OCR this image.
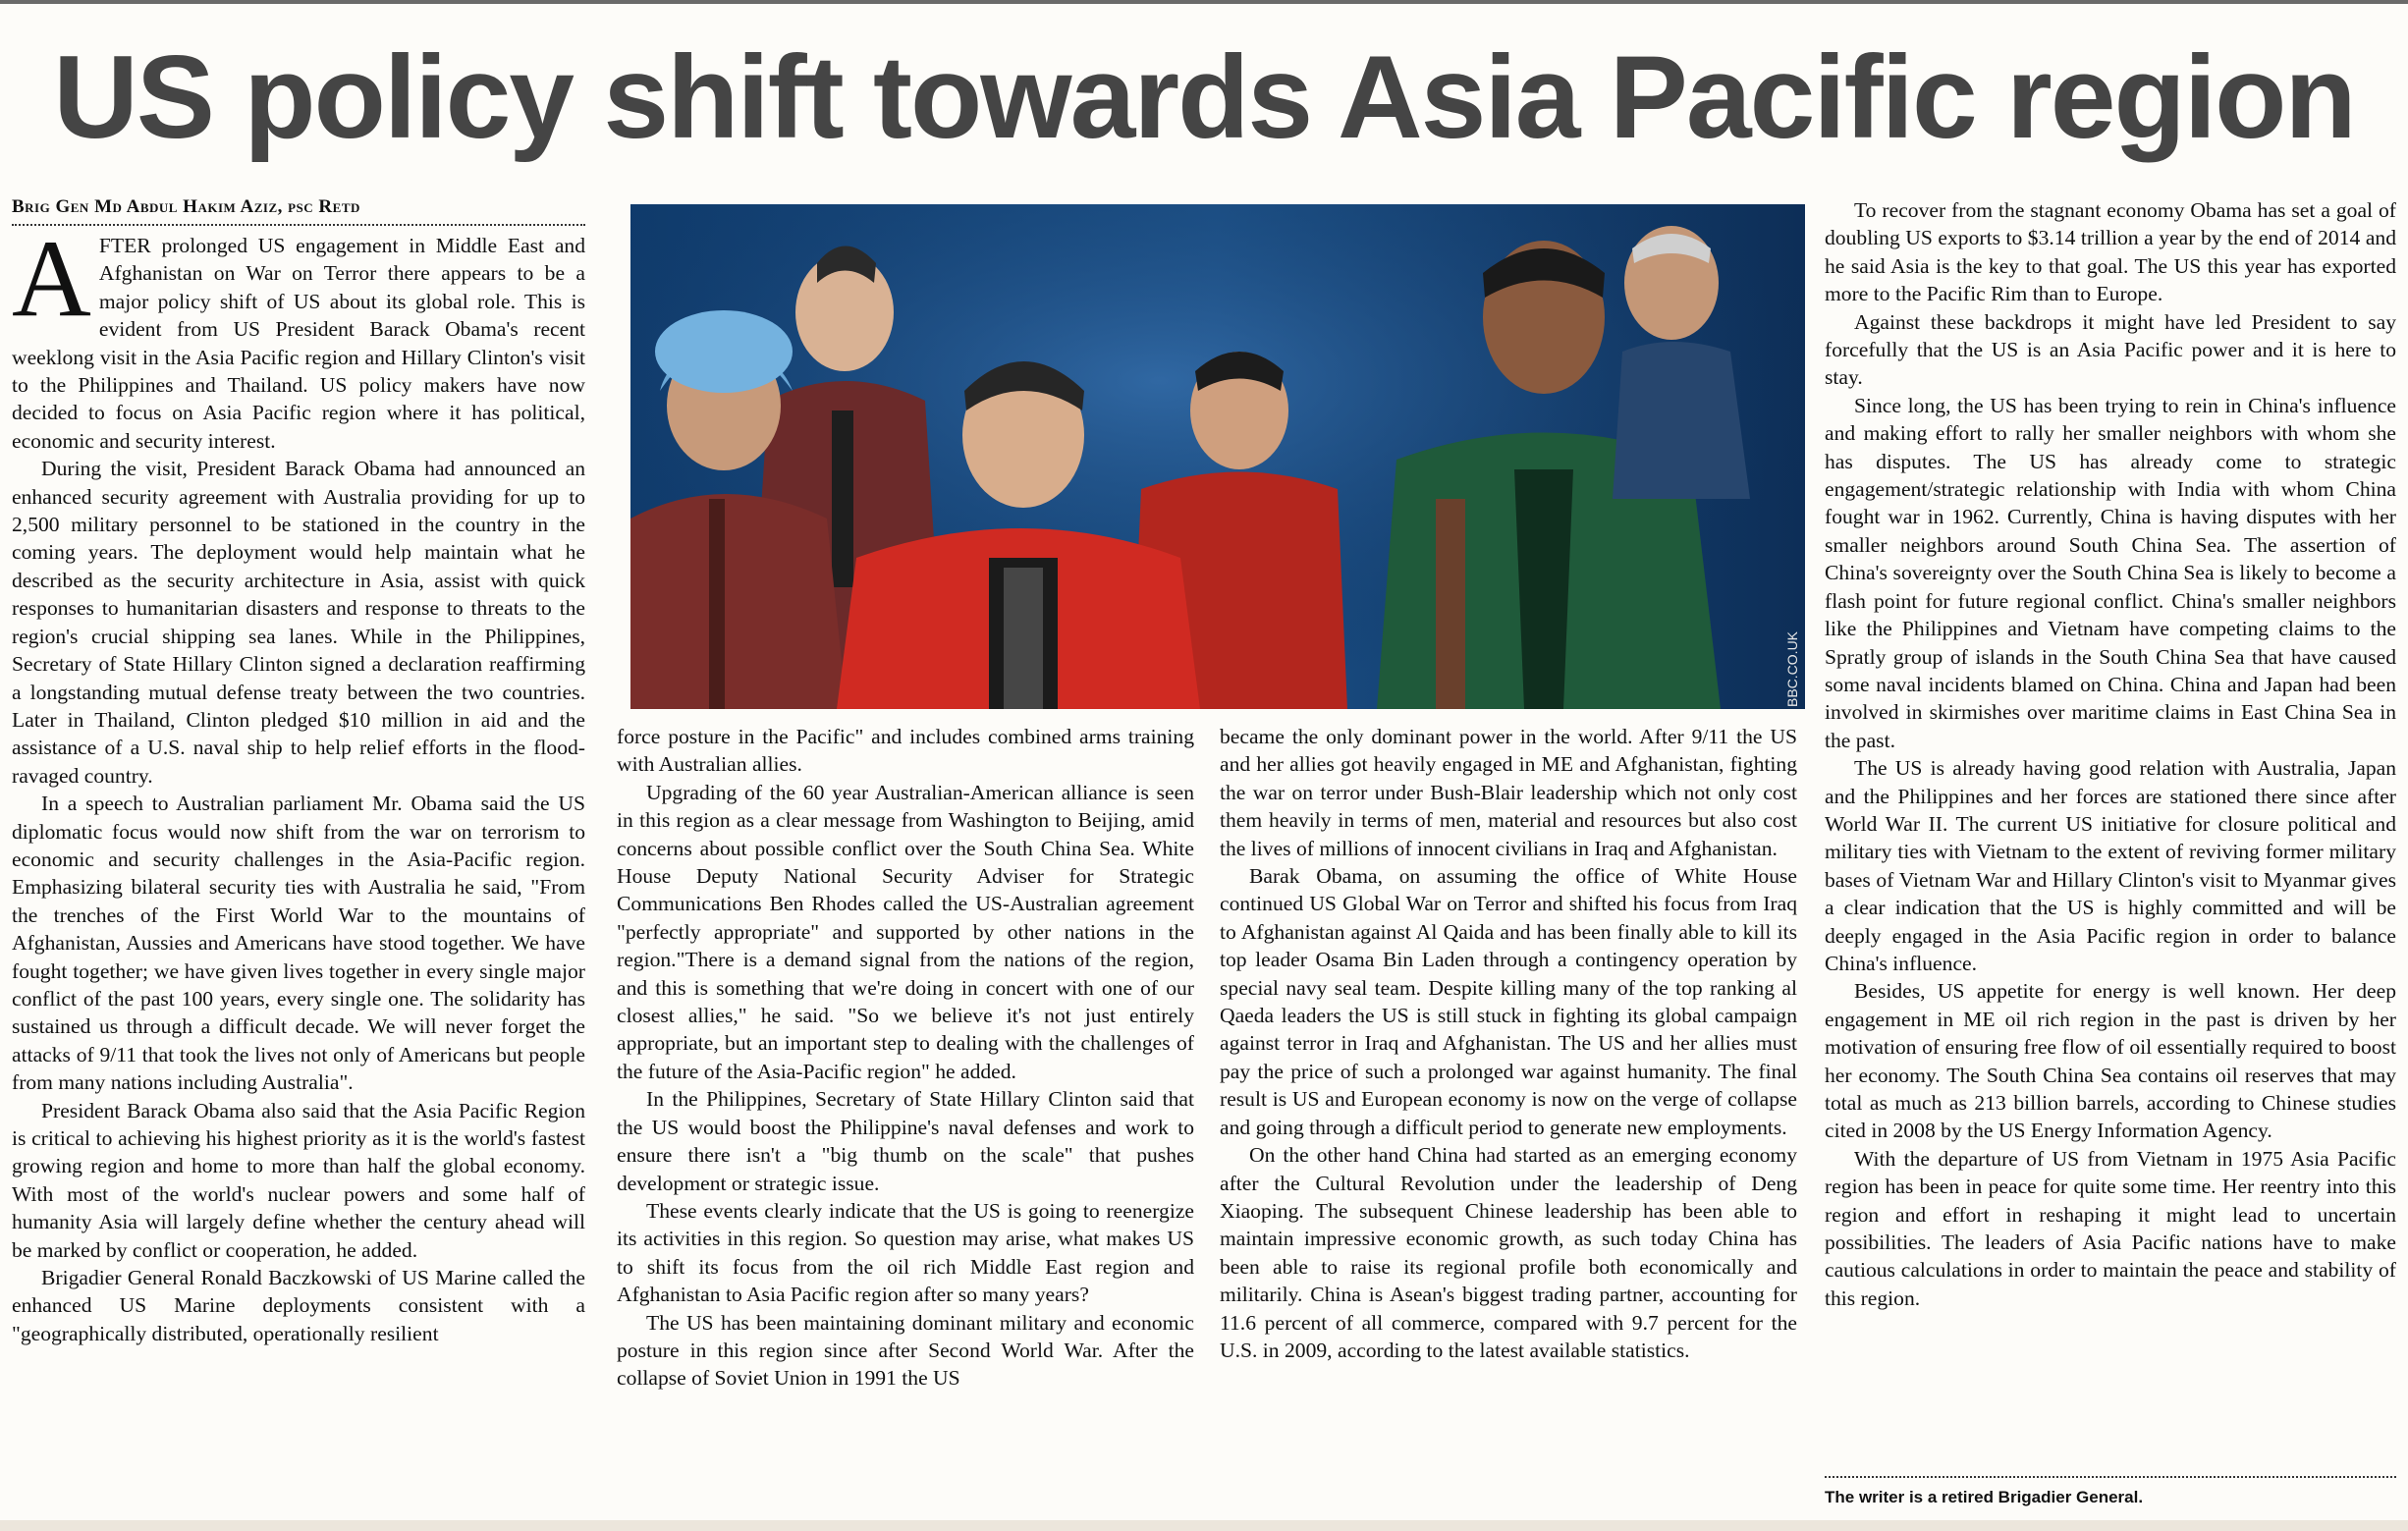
US policy shift towards Asia Pacific region
Brig Gen Md Abdul Hakim Aziz, psc Retd

AFTER prolonged US engagement in Middle East and Afghanistan on War on Terror there appears to be a major policy shift of US about its global role. This is evident from US President Barack Obama's recent weeklong visit in the Asia Pacific region and Hillary Clinton's visit to the Philippines and Thailand. US policy makers have now decided to focus on Asia Pacific region where it has political, economic and security interest.

During the visit, President Barack Obama had announced an enhanced security agreement with Australia providing for up to 2,500 military personnel to be stationed in the country in the coming years. The deployment would help maintain what he described as the security architecture in Asia, assist with quick responses to humanitarian disasters and response to threats to the region's crucial shipping sea lanes. While in the Philippines, Secretary of State Hillary Clinton signed a declaration reaffirming a longstanding mutual defense treaty between the two countries. Later in Thailand, Clinton pledged $10 million in aid and the assistance of a U.S. naval ship to help relief efforts in the flood-ravaged country.

In a speech to Australian parliament Mr. Obama said the US diplomatic focus would now shift from the war on terrorism to economic and security challenges in the Asia-Pacific region. Emphasizing bilateral security ties with Australia he said, "From the trenches of the First World War to the mountains of Afghanistan, Aussies and Americans have stood together. We have fought together; we have given lives together in every single major conflict of the past 100 years, every single one. The solidarity has sustained us through a difficult decade. We will never forget the attacks of 9/11 that took the lives not only of Americans but people from many nations including Australia".

President Barack Obama also said that the Asia Pacific Region is critical to achieving his highest priority as it is the world's fastest growing region and home to more than half the global economy. With most of the world's nuclear powers and some half of humanity Asia will largely define whether the century ahead will be marked by conflict or cooperation, he added.

Brigadier General Ronald Baczkowski of US Marine called the enhanced US Marine deployments consistent with a "geographically distributed, operationally resilient

BBC.CO.UK

force posture in the Pacific" and includes combined arms training with Australian allies.

Upgrading of the 60 year Australian-American alliance is seen in this region as a clear message from Washington to Beijing, amid concerns about possible conflict over the South China Sea. White House Deputy National Security Adviser for Strategic Communications Ben Rhodes called the US-Australian agreement "perfectly appropriate" and supported by other nations in the region."There is a demand signal from the nations of the region, and this is something that we're doing in concert with one of our closest allies," he said. "So we believe it's not just entirely appropriate, but an important step to dealing with the challenges of the future of the Asia-Pacific region" he added.

In the Philippines, Secretary of State Hillary Clinton said that the US would boost the Philippine's naval defenses and work to ensure there isn't a "big thumb on the scale" that pushes development or strategic issue.

These events clearly indicate that the US is going to reenergize its activities in this region. So question may arise, what makes US to shift its focus from the oil rich Middle East region and Afghanistan to Asia Pacific region after so many years?

The US has been maintaining dominant military and economic posture in this region since after Second World War. After the collapse of Soviet Union in 1991 the US

became the only dominant power in the world. After 9/11 the US and her allies got heavily engaged in ME and Afghanistan, fighting the war on terror under Bush-Blair leadership which not only cost them heavily in terms of men, material and resources but also cost the lives of millions of innocent civilians in Iraq and Afghanistan.

Barak Obama, on assuming the office of White House continued US Global War on Terror and shifted his focus from Iraq to Afghanistan against Al Qaida and has been finally able to kill its top leader Osama Bin Laden through a contingency operation by special navy seal team. Despite killing many of the top ranking al Qaeda leaders the US is still stuck in fighting its global campaign against terror in Iraq and Afghanistan. The US and her allies must pay the price of such a prolonged war against humanity. The final result is US and European economy is now on the verge of collapse and going through a difficult period to generate new employments.

On the other hand China had started as an emerging economy after the Cultural Revolution under the leadership of Deng Xiaoping. The subsequent Chinese leadership has been able to maintain impressive economic growth, as such today China has been able to raise its regional profile both economically and militarily. China is Asean's biggest trading partner, accounting for 11.6 percent of all commerce, compared with 9.7 percent for the U.S. in 2009, according to the latest available statistics.

To recover from the stagnant economy Obama has set a goal of doubling US exports to $3.14 trillion a year by the end of 2014 and he said Asia is the key to that goal. The US this year has exported more to the Pacific Rim than to Europe.

Against these backdrops it might have led President to say forcefully that the US is an Asia Pacific power and it is here to stay.

Since long, the US has been trying to rein in China's influence and making effort to rally her smaller neighbors with whom she has disputes. The US has already come to strategic engagement/strategic relationship with India with whom China fought war in 1962. Currently, China is having disputes with her smaller neighbors around South China Sea. The assertion of China's sovereignty over the South China Sea is likely to become a flash point for future regional conflict. China's smaller neighbors like the Philippines and Vietnam have competing claims to the Spratly group of islands in the South China Sea that have caused some naval incidents blamed on China. China and Japan had been involved in skirmishes over maritime claims in East China Sea in the past.

The US is already having good relation with Australia, Japan and the Philippines and her forces are stationed there since after World War II. The current US initiative for closure political and military ties with Vietnam to the extent of reviving former military bases of Vietnam War and Hillary Clinton's visit to Myanmar gives a clear indication that the US is highly committed and will be deeply engaged in the Asia Pacific region in order to balance China's influence.

Besides, US appetite for energy is well known. Her deep engagement in ME oil rich region in the past is driven by her motivation of ensuring free flow of oil essentially required to boost her economy. The South China Sea contains oil reserves that may total as much as 213 billion barrels, according to Chinese studies cited in 2008 by the US Energy Information Agency.

With the departure of US from Vietnam in 1975 Asia Pacific region has been in peace for quite some time. Her reentry into this region and effort in reshaping it might lead to uncertain possibilities. The leaders of Asia Pacific nations have to make cautious calculations in order to maintain the peace and stability of this region.

The writer is a retired Brigadier General.
